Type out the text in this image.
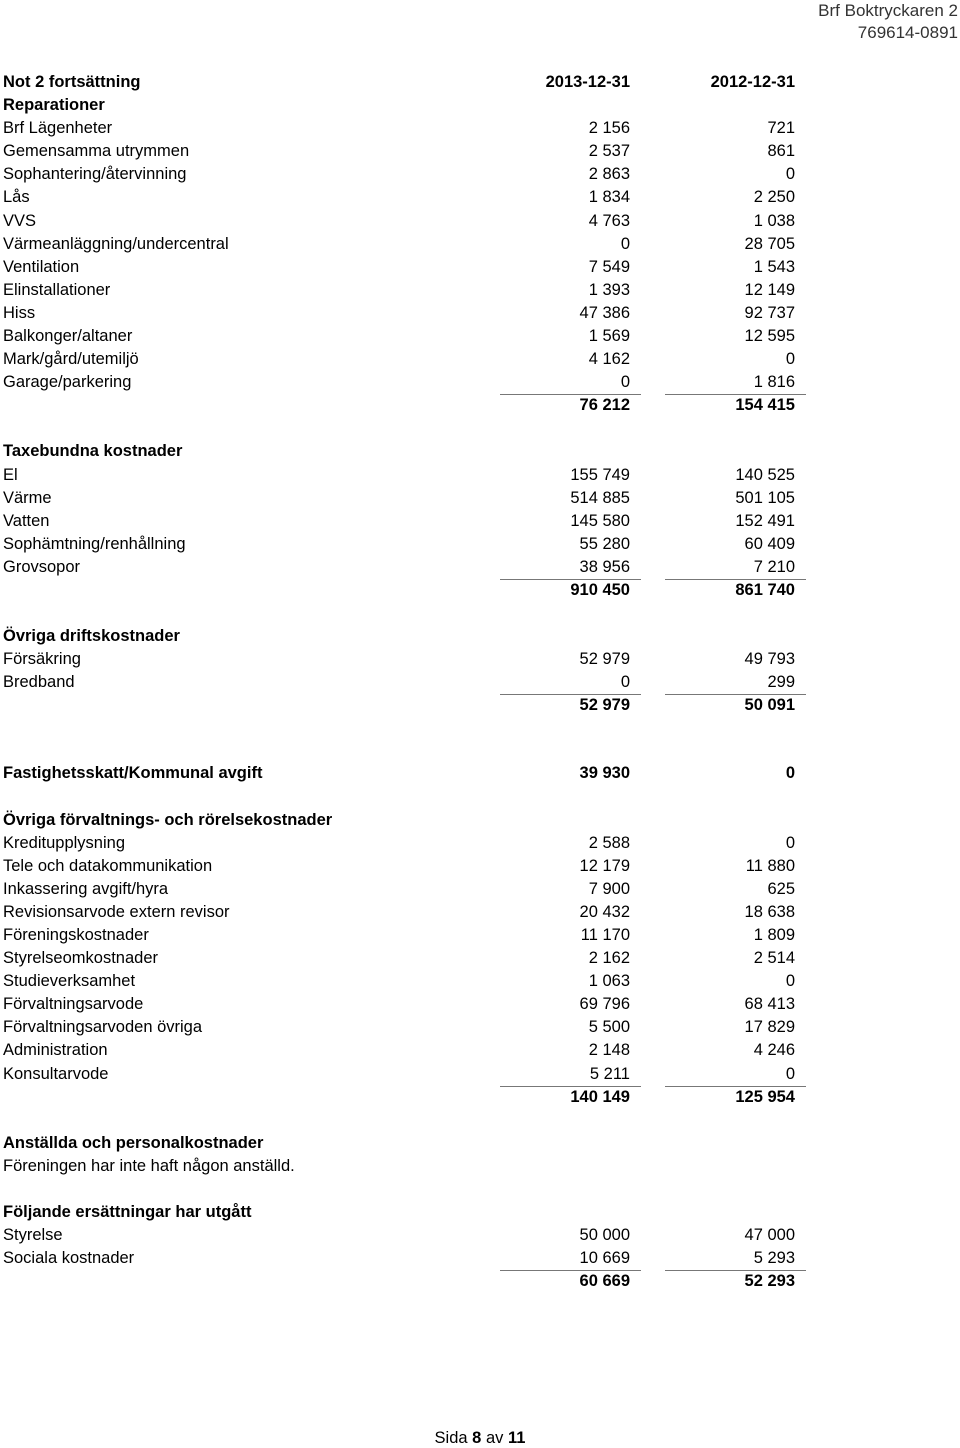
Brf Boktryckaren 2
769614-0891
Not 2 fortsättning	2013-12-31	2012-12-31
Reparationer
Brf Lägenheter	2 156	721
Gemensamma utrymmen	2 537	861
Sophantering/återvinning	2 863	0
Lås	1 834	2 250
VVS	4 763	1 038
Värmeanläggning/undercentral	0	28 705
Ventilation	7 549	1 543
Elinstallationer	1 393	12 149
Hiss	47 386	92 737
Balkonger/altaner	1 569	12 595
Mark/gård/utemiljö	4 162	0
Garage/parkering	0	1 816
76 212	154 415
Taxebundna kostnader
El	155 749	140 525
Värme	514 885	501 105
Vatten	145 580	152 491
Sophämtning/renhållning	55 280	60 409
Grovsopor	38 956	7 210
910 450	861 740
Övriga driftskostnader
Försäkring	52 979	49 793
Bredband	0	299
52 979	50 091
Fastighetsskatt/Kommunal avgift	39 930	0
Övriga förvaltnings- och rörelsekostnader
Kreditupplysning	2 588	0
Tele och datakommunikation	12 179	11 880
Inkassering avgift/hyra	7 900	625
Revisionsarvode extern revisor	20 432	18 638
Föreningskostnader	11 170	1 809
Styrelseomkostnader	2 162	2 514
Studieverksamhet	1 063	0
Förvaltningsarvode	69 796	68 413
Förvaltningsarvoden övriga	5 500	17 829
Administration	2 148	4 246
Konsultarvode	5 211	0
140 149	125 954
Anställda och personalkostnader
Föreningen har inte haft någon anställd.
Följande ersättningar har utgått
Styrelse	50 000	47 000
Sociala kostnader	10 669	5 293
60 669	52 293
Sida 8 av 11
